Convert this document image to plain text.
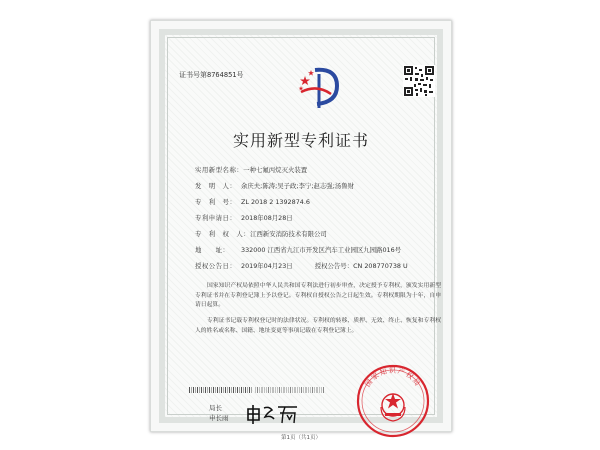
证书号第8764851号
实用新型专利证书
实用新型名称：一种七氟丙烷灭火装置
发　明　人： 余庆夫;陈涛;吴子政;李宁;赵志强;汤鲁财
专　利　号： ZL 2018 2 1392874.6
专利申请日： 2018年08月28日
专　利　权　人：江西新安消防技术有限公司
地　　址： 332000 江西省九江市开发区汽车工业园区九园路016号
授权公告日： 2019年04月23日	授权公告号：CN 208770738 U
国家知识产权局依照中华人民共和国专利法进行初步审查，决定授予专利权，颁发实用新型专利证书并在专利登记簿上予以登记。专利权自授权公告之日起生效。专利权期限为十年，自申请日起算。
专利证书记载专利权登记时的法律状况。专利权的转移、质押、无效、终止、恢复和专利权人的姓名或名称、国籍、地址变更等事项记载在专利登记簿上。
局长
申长雨
国家知识产权局
第1页（共1页）
